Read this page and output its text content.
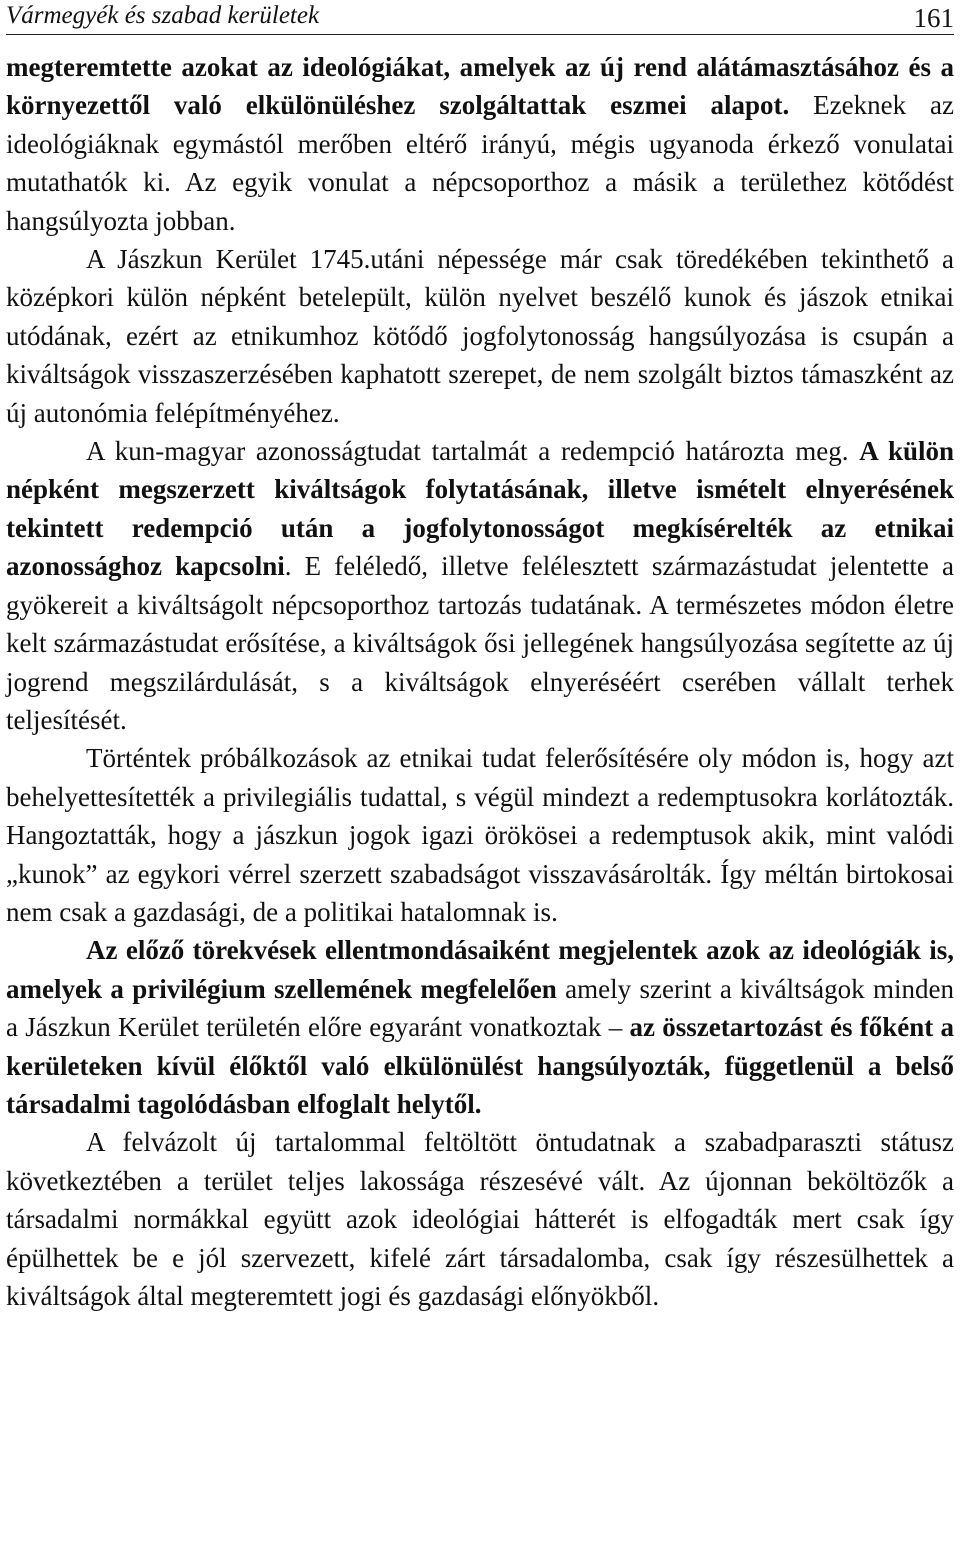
Vármegyék és szabad kerületek	161

megteremtette azokat az ideológiákat, amelyek az új rend alátámasztásához és a környezettől való elkülönüléshez szolgáltattak eszmei alapot. Ezeknek az ideológiáknak egymástól merőben eltérő irányú, mégis ugyanoda érkező vonulatai mutathatók ki. Az egyik vonulat a népcsoporthoz a másik a területhez kötődést hangsúlyozta jobban.

A Jászkun Kerület 1745.utáni népessége már csak töredékében tekinthető a középkori külön népként betelepült, külön nyelvet beszélő kunok és jászok etnikai utódának, ezért az etnikumhoz kötődő jogfolytonosság hangsúlyozása is csupán a kiváltságok visszaszerzésében kaphatott szerepet, de nem szolgált biztos támaszként az új autonómia felépítményéhez.

A kun-magyar azonosságtudat tartalmát a redempció határozta meg. A külön népként megszerzett kiváltságok folytatásának, illetve ismételt elnyerésének tekintett redempció után a jogfolytonosságot megkísérelték az etnikai azonossághoz kapcsolni. E feléledő, illetve felélesztett származástudat jelentette a gyökereit a kiváltságolt népcsoporthoz tartozás tudatának. A természetes módon életre kelt származástudat erősítése, a kiváltságok ősi jellegének hangsúlyozása segítette az új jogrend megszilárdulását, s a kiváltságok elnyeréséért cserében vállalt terhek teljesítését.

Történtek próbálkozások az etnikai tudat felerősítésére oly módon is, hogy azt behelyettesítették a privilegiális tudattal, s végül mindezt a redemptusokra korlátozták. Hangoztatták, hogy a jászkun jogok igazi örökösei a redemptusok akik, mint valódi „kunok” az egykori vérrel szerzett szabadságot visszavásárolták. Így méltán birtokosai nem csak a gazdasági, de a politikai hatalomnak is.

Az előző törekvések ellentmondásaiként megjelentek azok az ideológiák is, amelyek a privilégium szellemének megfelelően amely szerint a kiváltságok minden a Jászkun Kerület területén előre egyaránt vonatkoztak – az összetartozást és főként a kerületeken kívül élőktől való elkülönülést hangsúlyozták, függetlenül a belső társadalmi tagolódásban elfoglalt helytől.

A felvázolt új tartalommal feltöltött öntudatnak a szabadparaszti státusz következtében a terület teljes lakossága részesévé vált. Az újonnan beköltözők a társadalmi normákkal együtt azok ideológiai hátterét is elfogadták mert csak így épülhettek be e jól szervezett, kifelé zárt társadalomba, csak így részesülhettek a kiváltságok által megteremtett jogi és gazdasági előnyökből.
